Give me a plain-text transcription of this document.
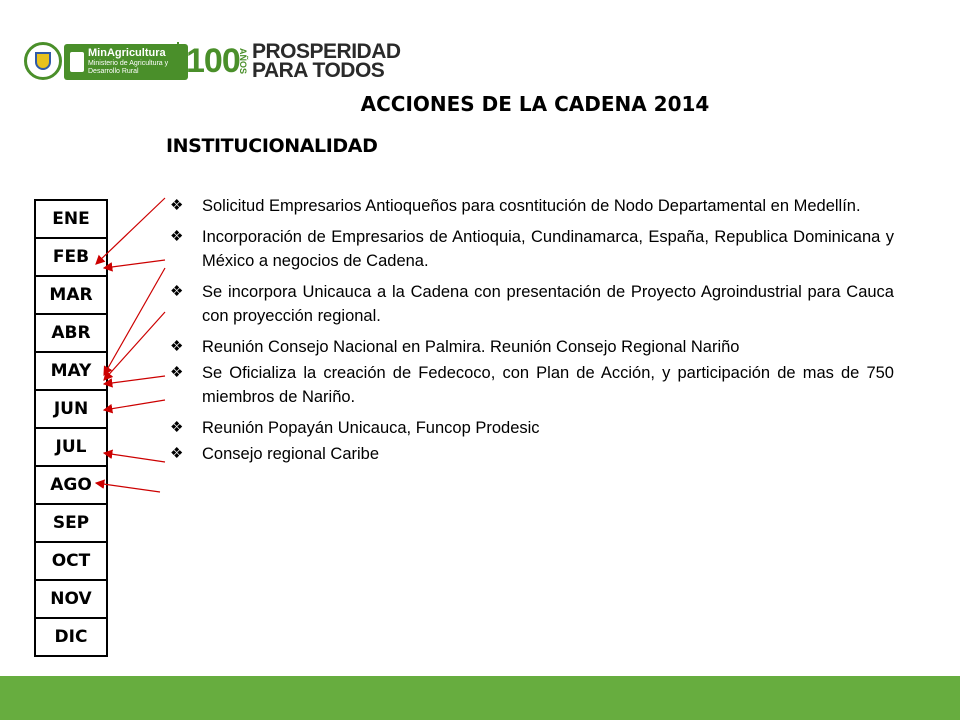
MinAgricultura
Ministerio de Agricultura y Desarrollo Rural	100
AÑOS PROSPERIDAD
PARA TODOS
ACCIONES DE LA CADENA 2014
INSTITUCIONALIDAD
ENE
FEB
MAR
ABR
MAY
JUN
JUL
AGO
SEP
OCT
NOV
DIC
❖ Solicitud Empresarios Antioqueños para cosntitución de Nodo Departamental en Medellín.
❖ Incorporación de Empresarios de Antioquia, Cundinamarca, España, Republica Dominicana y México a negocios de Cadena.
❖ Se incorpora Unicauca a la Cadena con presentación de Proyecto Agroindustrial para Cauca con proyección regional.
❖ Reunión Consejo Nacional en Palmira. Reunión Consejo Regional Nariño
❖ Se Oficializa la creación de Fedecoco, con Plan de Acción, y participación de mas de 750 miembros de Nariño.
❖ Reunión Popayán Unicauca, Funcop Prodesic
❖ Consejo regional Caribe
